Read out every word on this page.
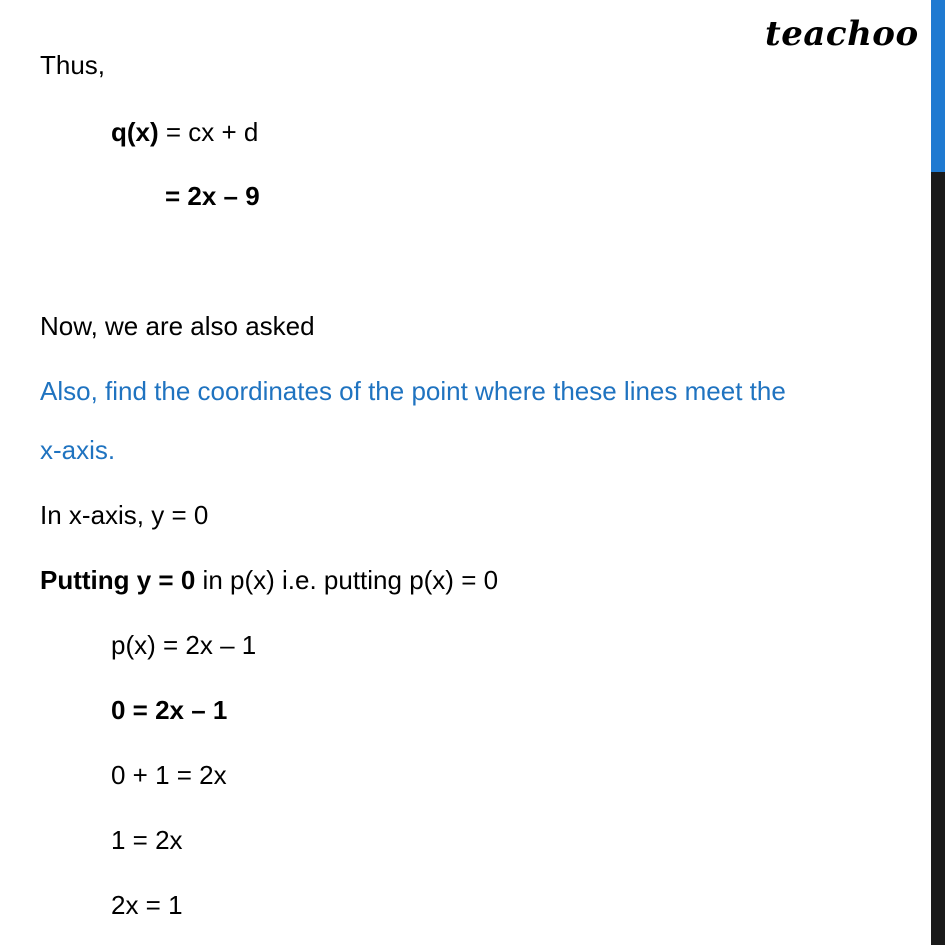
teachoo
Thus,
q(x) = cx + d
= 2x – 9
Now, we are also asked
Also, find the coordinates of the point where these lines meet the
x-axis.
In x-axis, y = 0
Putting y = 0 in p(x) i.e. putting p(x) = 0
p(x) = 2x – 1
0 = 2x – 1
0 + 1 = 2x
1 = 2x
2x = 1
